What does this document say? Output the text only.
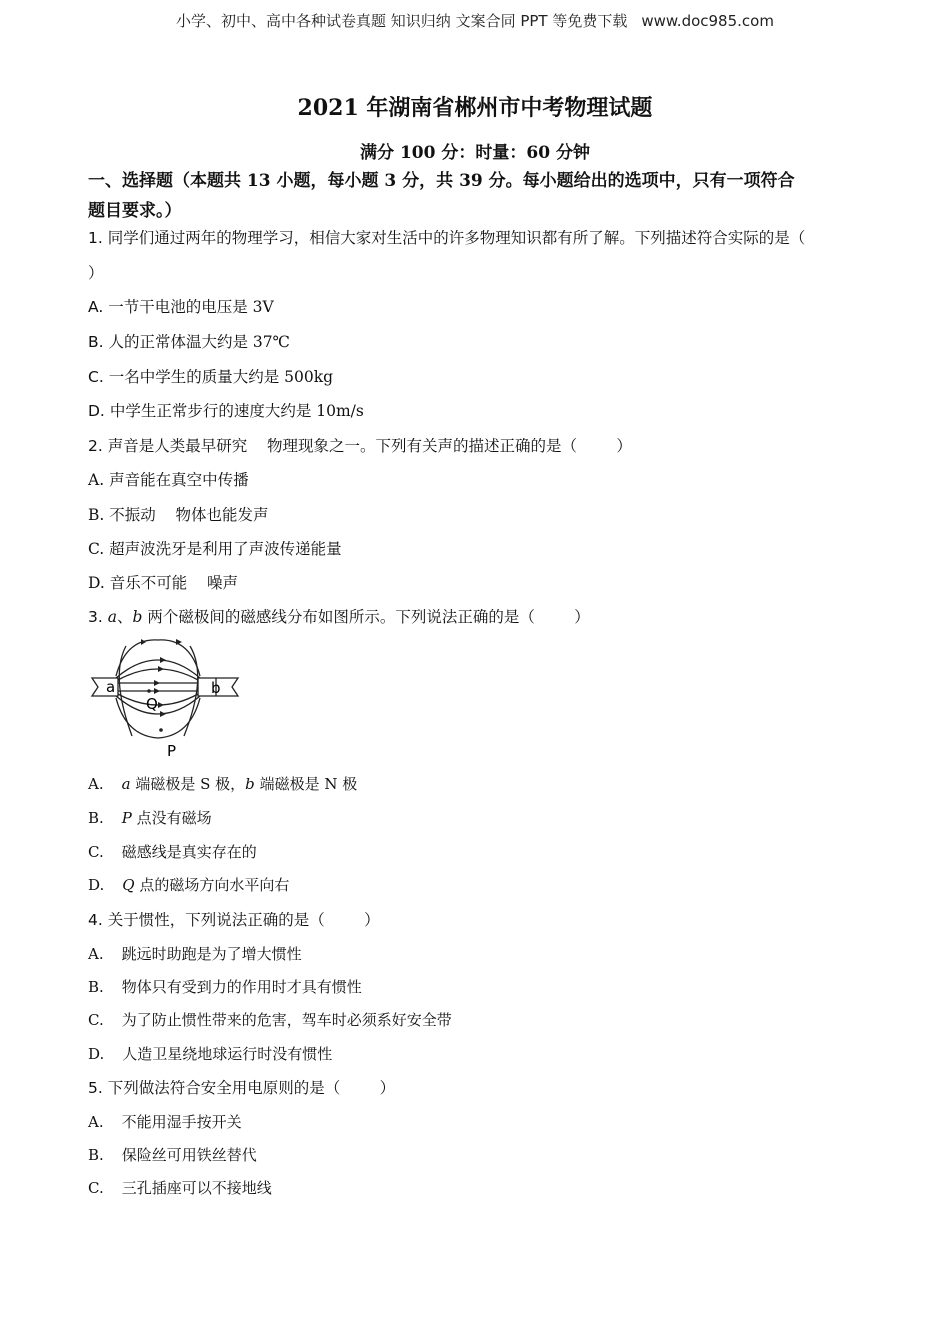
小学、初中、高中各种试卷真题 知识归纳 文案合同 PPT 等免费下载 www.doc985.com
2021 年湖南省郴州市中考物理试题
满分 100 分：时量：60 分钟
一、选择题（本题共 13 小题，每小题 3 分，共 39 分。每小题给出的选项中，只有一项符合
题目要求。）
1. 同学们通过两年的物理学习，相信大家对生活中的许多物理知识都有所了解。下列描述符合实际的是（
）
A. 一节干电池的电压是 3V
B. 人的正常体温大约是 37℃
C. 一名中学生的质量大约是 500kg
D. 中学生正常步行的速度大约是 10m/s
2. 声音是人类最早研究    物理现象之一。下列有关声的描述正确的是（        ）
A. 声音能在真空中传播
B. 不振动    物体也能发声
C. 超声波洗牙是利用了声波传递能量
D. 音乐不可能    噪声
3. a、b 两个磁极间的磁感线分布如图所示。下列说法正确的是（        ）
a	b
Q
P
A. a 端磁极是 S 极，b 端磁极是 N 极
B. P 点没有磁场
C. 磁感线是真实存在的
D. Q 点的磁场方向水平向右
4. 关于惯性，下列说法正确的是（        ）
A. 跳远时助跑是为了增大惯性
B. 物体只有受到力的作用时才具有惯性
C. 为了防止惯性带来的危害，驾车时必须系好安全带
D. 人造卫星绕地球运行时没有惯性
5. 下列做法符合安全用电原则的是（        ）
A. 不能用湿手按开关
B. 保险丝可用铁丝替代
C. 三孔插座可以不接地线
